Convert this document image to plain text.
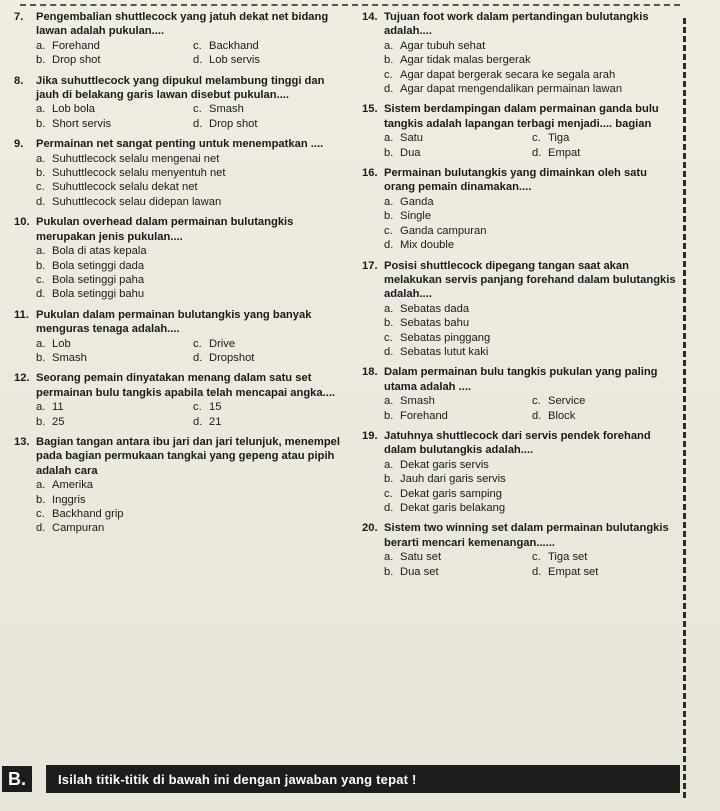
7.	Pengembalian shuttlecock yang jatuh dekat net bidang lawan adalah pukulan....
a. Forehand	c. Backhand
b. Drop shot	d. Lob servis
8.	Jika suhuttlecock yang dipukul melambung tinggi dan jauh di belakang garis lawan disebut pukulan....
a. Lob bola	c. Smash
b. Short servis	d. Drop shot
9.	Permainan net sangat penting untuk menempatkan ....
a. Suhuttlecock selalu mengenai net
b. Suhuttlecock selalu menyentuh net
c. Suhuttlecock selalu dekat net
d. Suhuttlecock selau didepan lawan
10. Pukulan overhead dalam permainan bulutangkis merupakan jenis pukulan....
a. Bola di atas kepala
b. Bola setinggi dada
c. Bola setinggi paha
d. Bola setinggi bahu
11. Pukulan dalam permainan bulutangkis yang banyak menguras tenaga adalah....
a. Lob	c. Drive
b. Smash	d. Dropshot
12. Seorang pemain dinyatakan menang dalam satu set permainan bulu tangkis apabila telah mencapai angka....
a. 11	c. 15
b. 25	d. 21
13. Bagian tangan antara ibu jari dan jari telunjuk, menempel pada bagian permukaan tangkai yang gepeng atau pipih adalah cara
a. Amerika
b. Inggris
c. Backhand grip
d. Campuran
14. Tujuan foot work dalam pertandingan bulutangkis adalah....
a. Agar tubuh sehat
b. Agar tidak malas bergerak
c. Agar dapat bergerak secara ke segala arah
d. Agar dapat mengendalikan permainan lawan
15. Sistem berdampingan dalam permainan ganda bulu tangkis adalah lapangan terbagi menjadi.... bagian
a. Satu	c. Tiga
b. Dua	d. Empat
16. Permainan bulutangkis yang dimainkan oleh satu orang pemain dinamakan....
a. Ganda
b. Single
c. Ganda campuran
d. Mix double
17. Posisi shuttlecock dipegang tangan saat akan melakukan servis panjang forehand dalam bulutangkis adalah....
a. Sebatas dada
b. Sebatas bahu
c. Sebatas pinggang
d. Sebatas lutut kaki
18. Dalam permainan bulu tangkis pukulan yang paling utama adalah ....
a. Smash	c. Service
b. Forehand	d. Block
19. Jatuhnya shuttlecock dari servis pendek forehand dalam bulutangkis adalah....
a. Dekat garis servis
b. Jauh dari garis servis
c. Dekat garis samping
d. Dekat garis belakang
20. Sistem two winning set dalam permainan bulutangkis berarti mencari kemenangan......
a. Satu set	c. Tiga set
b. Dua set	d. Empat set
B.	Isilah titik-titik di bawah ini dengan jawaban yang tepat !
